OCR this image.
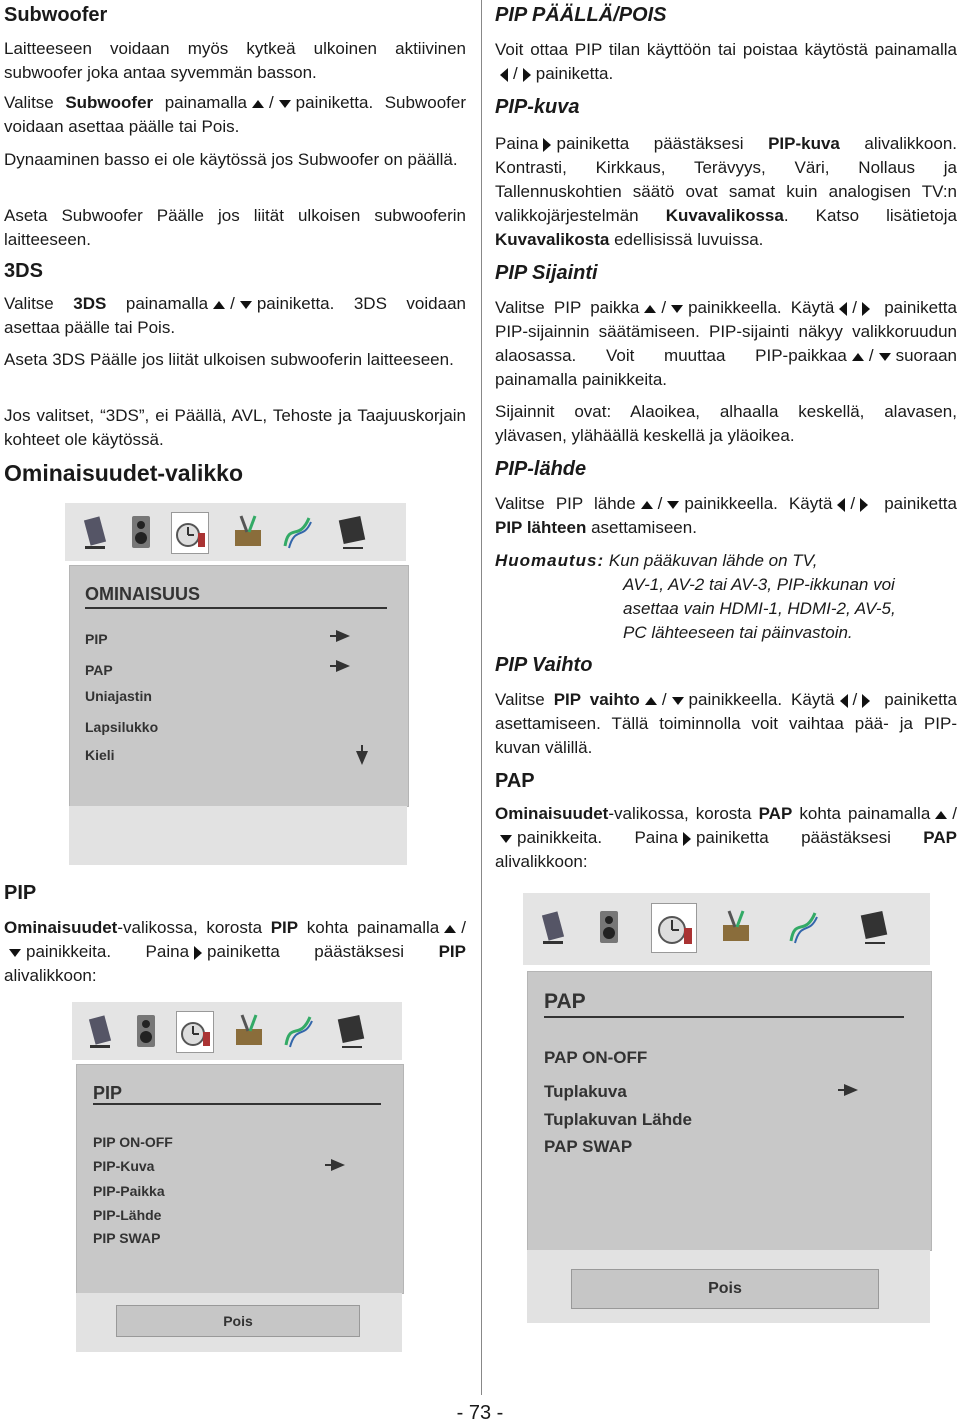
Subwoofer

Laitteeseen voidaan myös kytkeä ulkoinen aktiivinen subwoofer joka antaa syvemmän basson.

Valitse Subwoofer painamalla / painiketta. Subwoofer voidaan asettaa päälle tai Pois.

Dynaaminen basso ei ole käytössä jos Subwoofer on päällä.

Aseta Subwoofer Päälle jos liität ulkoisen subwooferin laitteeseen.

3DS

Valitse 3DS painamalla / painiketta. 3DS voidaan asettaa päälle tai Pois.

Aseta 3DS Päälle jos liität ulkoisen subwooferin laitteeseen.

Jos valitset, “3DS”, ei Päällä, AVL, Tehoste ja Taajuuskorjain kohteet ole käytössä.

Ominaisuudet-valikko
OMINAISUUS
PIP
PAP
Uniajastin
Lapsilukko
Kieli
PIP

Ominaisuudet-valikossa, korosta PIP kohta painamalla /painikkeita. Paina painiketta päästäksesi PIP alivalikkoon:

PIP
PIP ON-OFF
PIP-Kuva
PIP-Paikka
PIP-Lähde
PIP SWAP
Pois
PIP PÄÄLLÄ/POIS

Voit ottaa PIP tilan käyttöön tai poistaa käytöstä painamalla/ painiketta.

PIP-kuva

Paina painiketta päästäksesi PIP-kuva alivalikkoon. Kontrasti, Kirkkaus, Terävyys, Väri, Nollaus ja Tallennuskohtien säätö ovat samat kuin analogisen TV:n valikkojärjestelmän Kuvavalikossa. Katso lisätietoja Kuvavalikosta edellisissä luvuissa.

PIP Sijainti

Valitse PIP paikka / painikkeella. Käytä / painiketta PIP-sijainnin säätämiseen. PIP-sijainti näkyy valikkoruudun alaosassa. Voit muuttaa PIP-paikkaa / suoraan painamalla painikkeita.

Sijainnit ovat: Alaoikea, alhaalla keskellä, alavasen, ylävasen, ylähäällä keskellä ja yläoikea.

PIP-lähde

Valitse PIP lähde / painikkeella. Käytä / painiketta PIP lähteen asettamiseen.

Huomautus: Kun pääkuvan lähde on TV,
AV-1, AV-2 tai AV-3, PIP-ikkunan voi
asettaa vain HDMI-1, HDMI-2, AV-5,
PC lähteeseen tai päinvastoin.
PIP Vaihto

Valitse PIP vaihto / painikkeella. Käytä / painiketta asettamiseen. Tällä toiminnolla voit vaihtaa pää- ja PIP-kuvan välillä.

PAP

Ominaisuudet-valikossa, korosta PAP kohta painamalla /painikkeita. Paina painiketta päästäksesi PAP alivalikkoon:

PAP
PAP ON-OFF
Tuplakuva
Tuplakuvan Lähde
PAP SWAP
Pois
- 73 -
